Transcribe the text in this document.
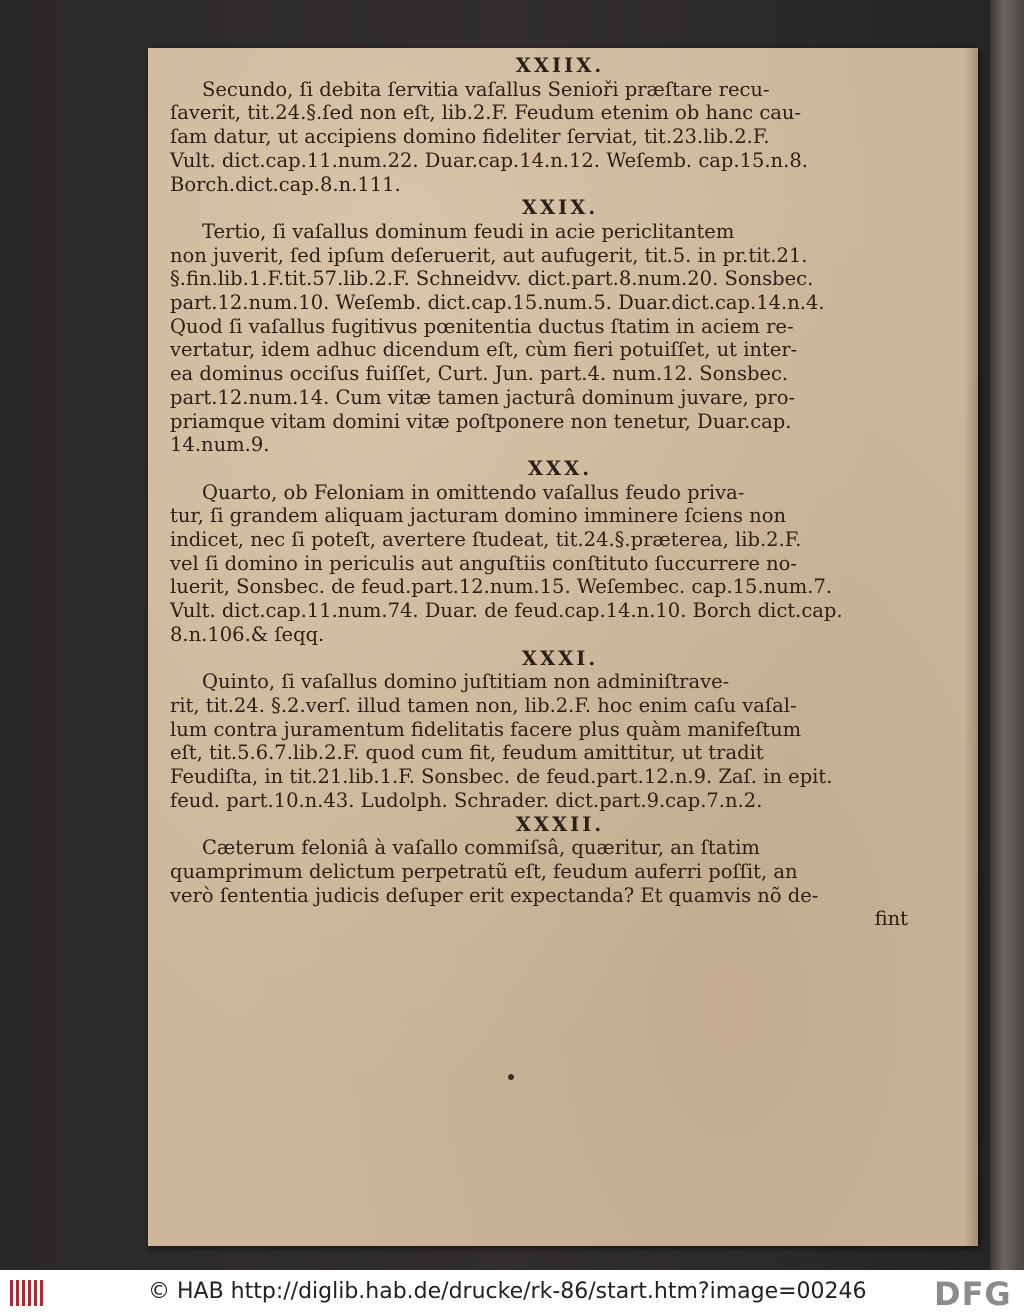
XXIIX.

Secundo, ſi debita ſervitia vaſallus Senioři præſtare recu-

ſaverit, tit.24.§.ſed non eſt, lib.2.F. Feudum etenim ob hanc cau-

ſam datur, ut accipiens domino fideliter ſerviat, tit.23.lib.2.F.

Vult. dict.cap.11.num.22. Duar.cap.14.n.12. Weſemb. cap.15.n.8.

Borch.dict.cap.8.n.111.

XXIX.

Tertio, ſi vaſallus dominum feudi in acie periclitantem

non juverit, ſed ipſum deſeruerit, aut aufugerit, tit.5. in pr.tit.21.

§.fin.lib.1.F.tit.57.lib.2.F. Schneidvv. dict.part.8.num.20. Sonsbec.

part.12.num.10. Weſemb. dict.cap.15.num.5. Duar.dict.cap.14.n.4.

Quod ſi vaſallus fugitivus pœnitentia ductus ſtatim in aciem re-

vertatur, idem adhuc dicendum eſt, cùm fieri potuiſſet, ut inter-

ea dominus occiſus fuiſſet, Curt. Jun. part.4. num.12. Sonsbec.

part.12.num.14. Cum vitæ tamen jacturâ dominum juvare, pro-

priamque vitam domini vitæ poſtponere non tenetur, Duar.cap.

14.num.9.

XXX.

Quarto, ob Feloniam in omittendo vaſallus feudo priva-

tur, ſi grandem aliquam jacturam domino imminere ſciens non

indicet, nec ſi poteſt, avertere ſtudeat, tit.24.§.præterea, lib.2.F.

vel ſi domino in periculis aut anguſtiis conſtituto ſuccurrere no-

luerit, Sonsbec. de feud.part.12.num.15. Weſembec. cap.15.num.7.

Vult. dict.cap.11.num.74. Duar. de feud.cap.14.n.10. Borch dict.cap.

8.n.106.& ſeqq.

XXXI.

Quinto, ſi vaſallus domino juſtitiam non adminiſtrave-

rit, tit.24. §.2.verſ. illud tamen non, lib.2.F. hoc enim caſu vaſal-

lum contra juramentum fidelitatis facere plus quàm manifeſtum

eſt, tit.5.6.7.lib.2.F. quod cum fit, feudum amittitur, ut tradit

Feudiſta, in tit.21.lib.1.F. Sonsbec. de feud.part.12.n.9. Zaſ. in epit.

feud. part.10.n.43. Ludolph. Schrader. dict.part.9.cap.7.n.2.

XXXII.

Cæterum feloniâ à vaſallo commiſsâ, quæritur, an ſtatim

quamprimum delictum perpetratũ eſt, feudum auferri poſſit, an

verò ſententia judicis deſuper erit expectanda? Et quamvis nõ de-

fint

© HAB http://diglib.hab.de/drucke/rk-86/start.htm?image=00246 DFG
